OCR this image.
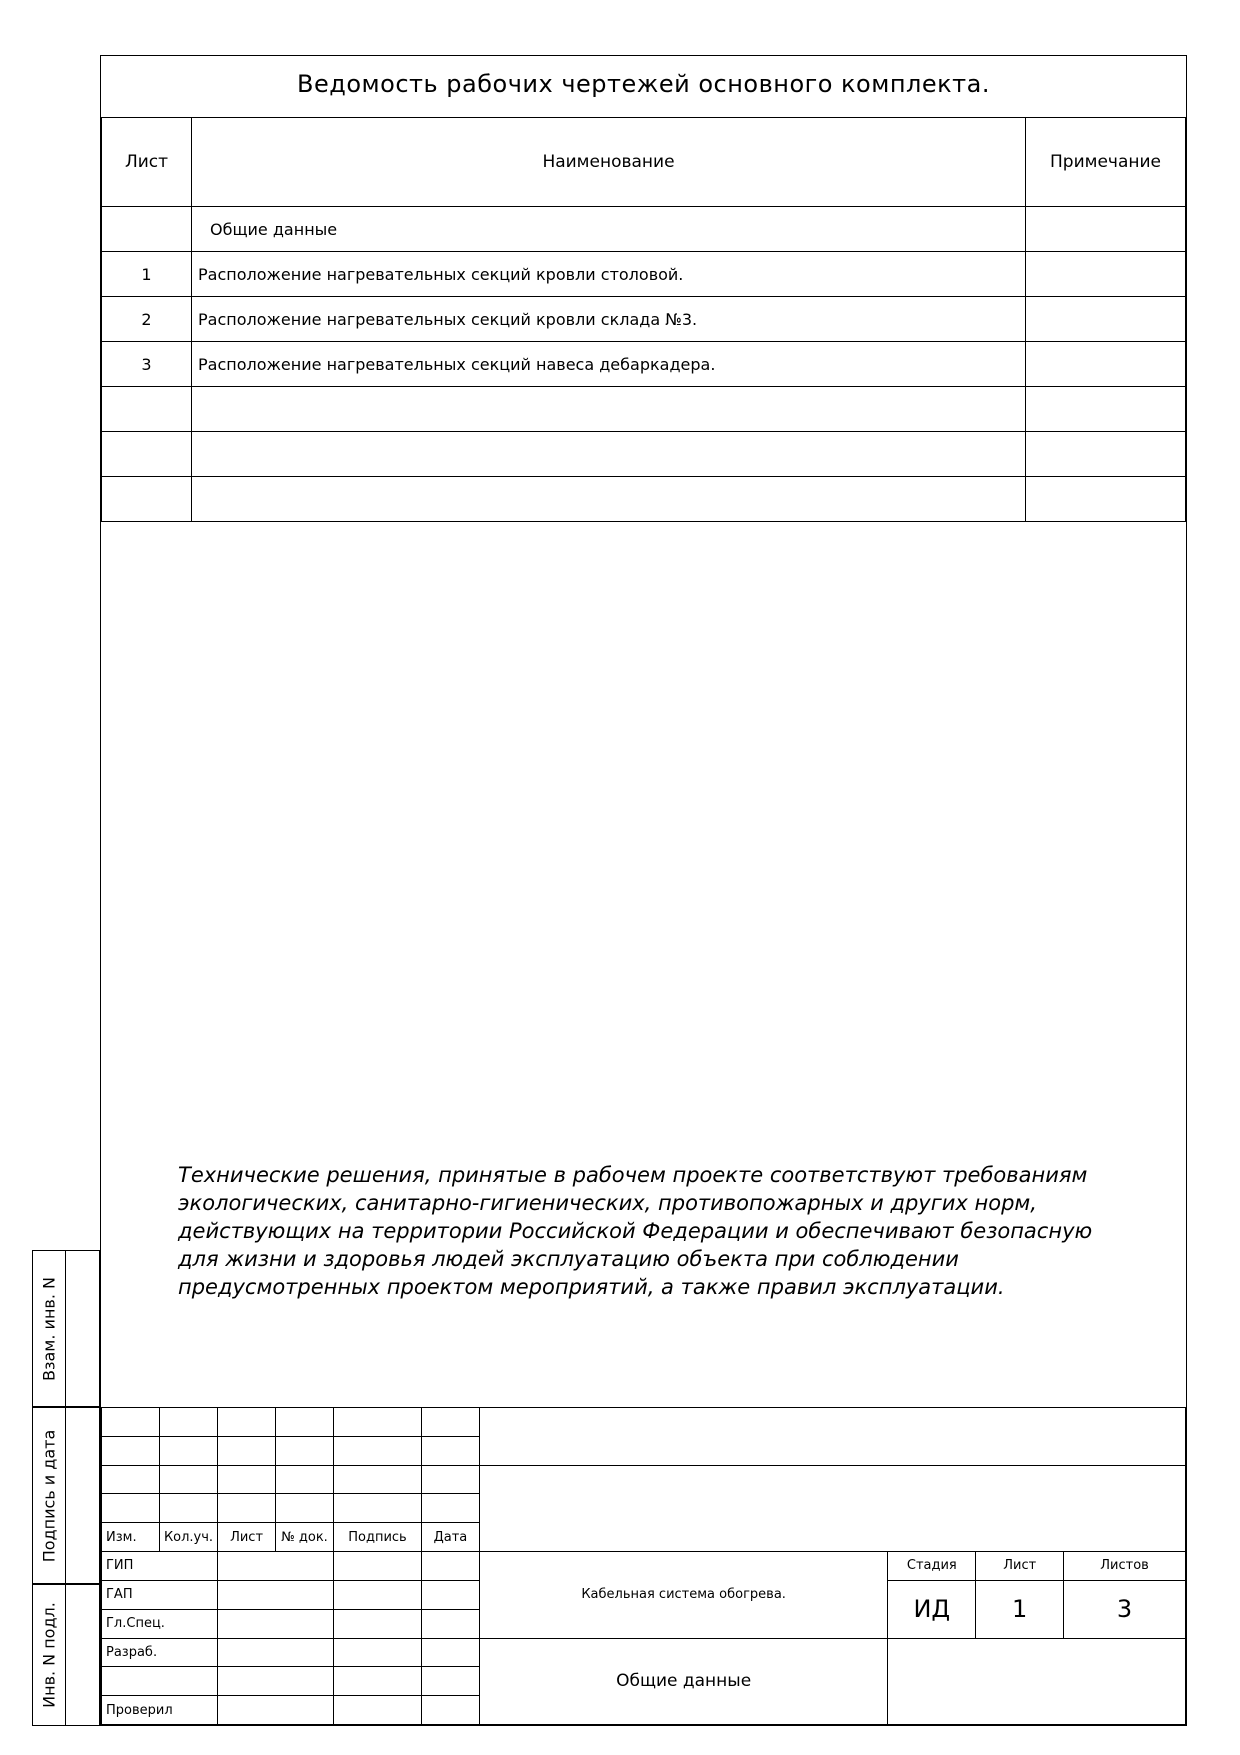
Ведомость рабочих чертежей основного комплекта.
Лист	Наименование	Примечание
	Общие данные	
1	Расположение нагревательных секций кровли столовой.	
2	Расположение нагревательных секций кровли склада №3.	
3	Расположение нагревательных секций навеса дебаркадера.	

Технические решения, принятые в рабочем проекте соответствуют требованиям
экологических, санитарно-гигиенических, противопожарных и других норм,
действующих на территории Российской Федерации и обеспечивают безопасную
для жизни и здоровья людей эксплуатацию объекта при соблюдении
предусмотренных проектом мероприятий, а также правил эксплуатации.

Изм.	Кол.уч.	Лист	№ док.	Подпись	Дата				
ГИП						Кабельная система обогрева.	Стадия	Лист	Листов
ГАП							ИД	1	3
Гл.Спец.									
Разраб.						Общие данные			

Проверил									
Взам. инв. N
Подпись и дата
Инв. N подл.
